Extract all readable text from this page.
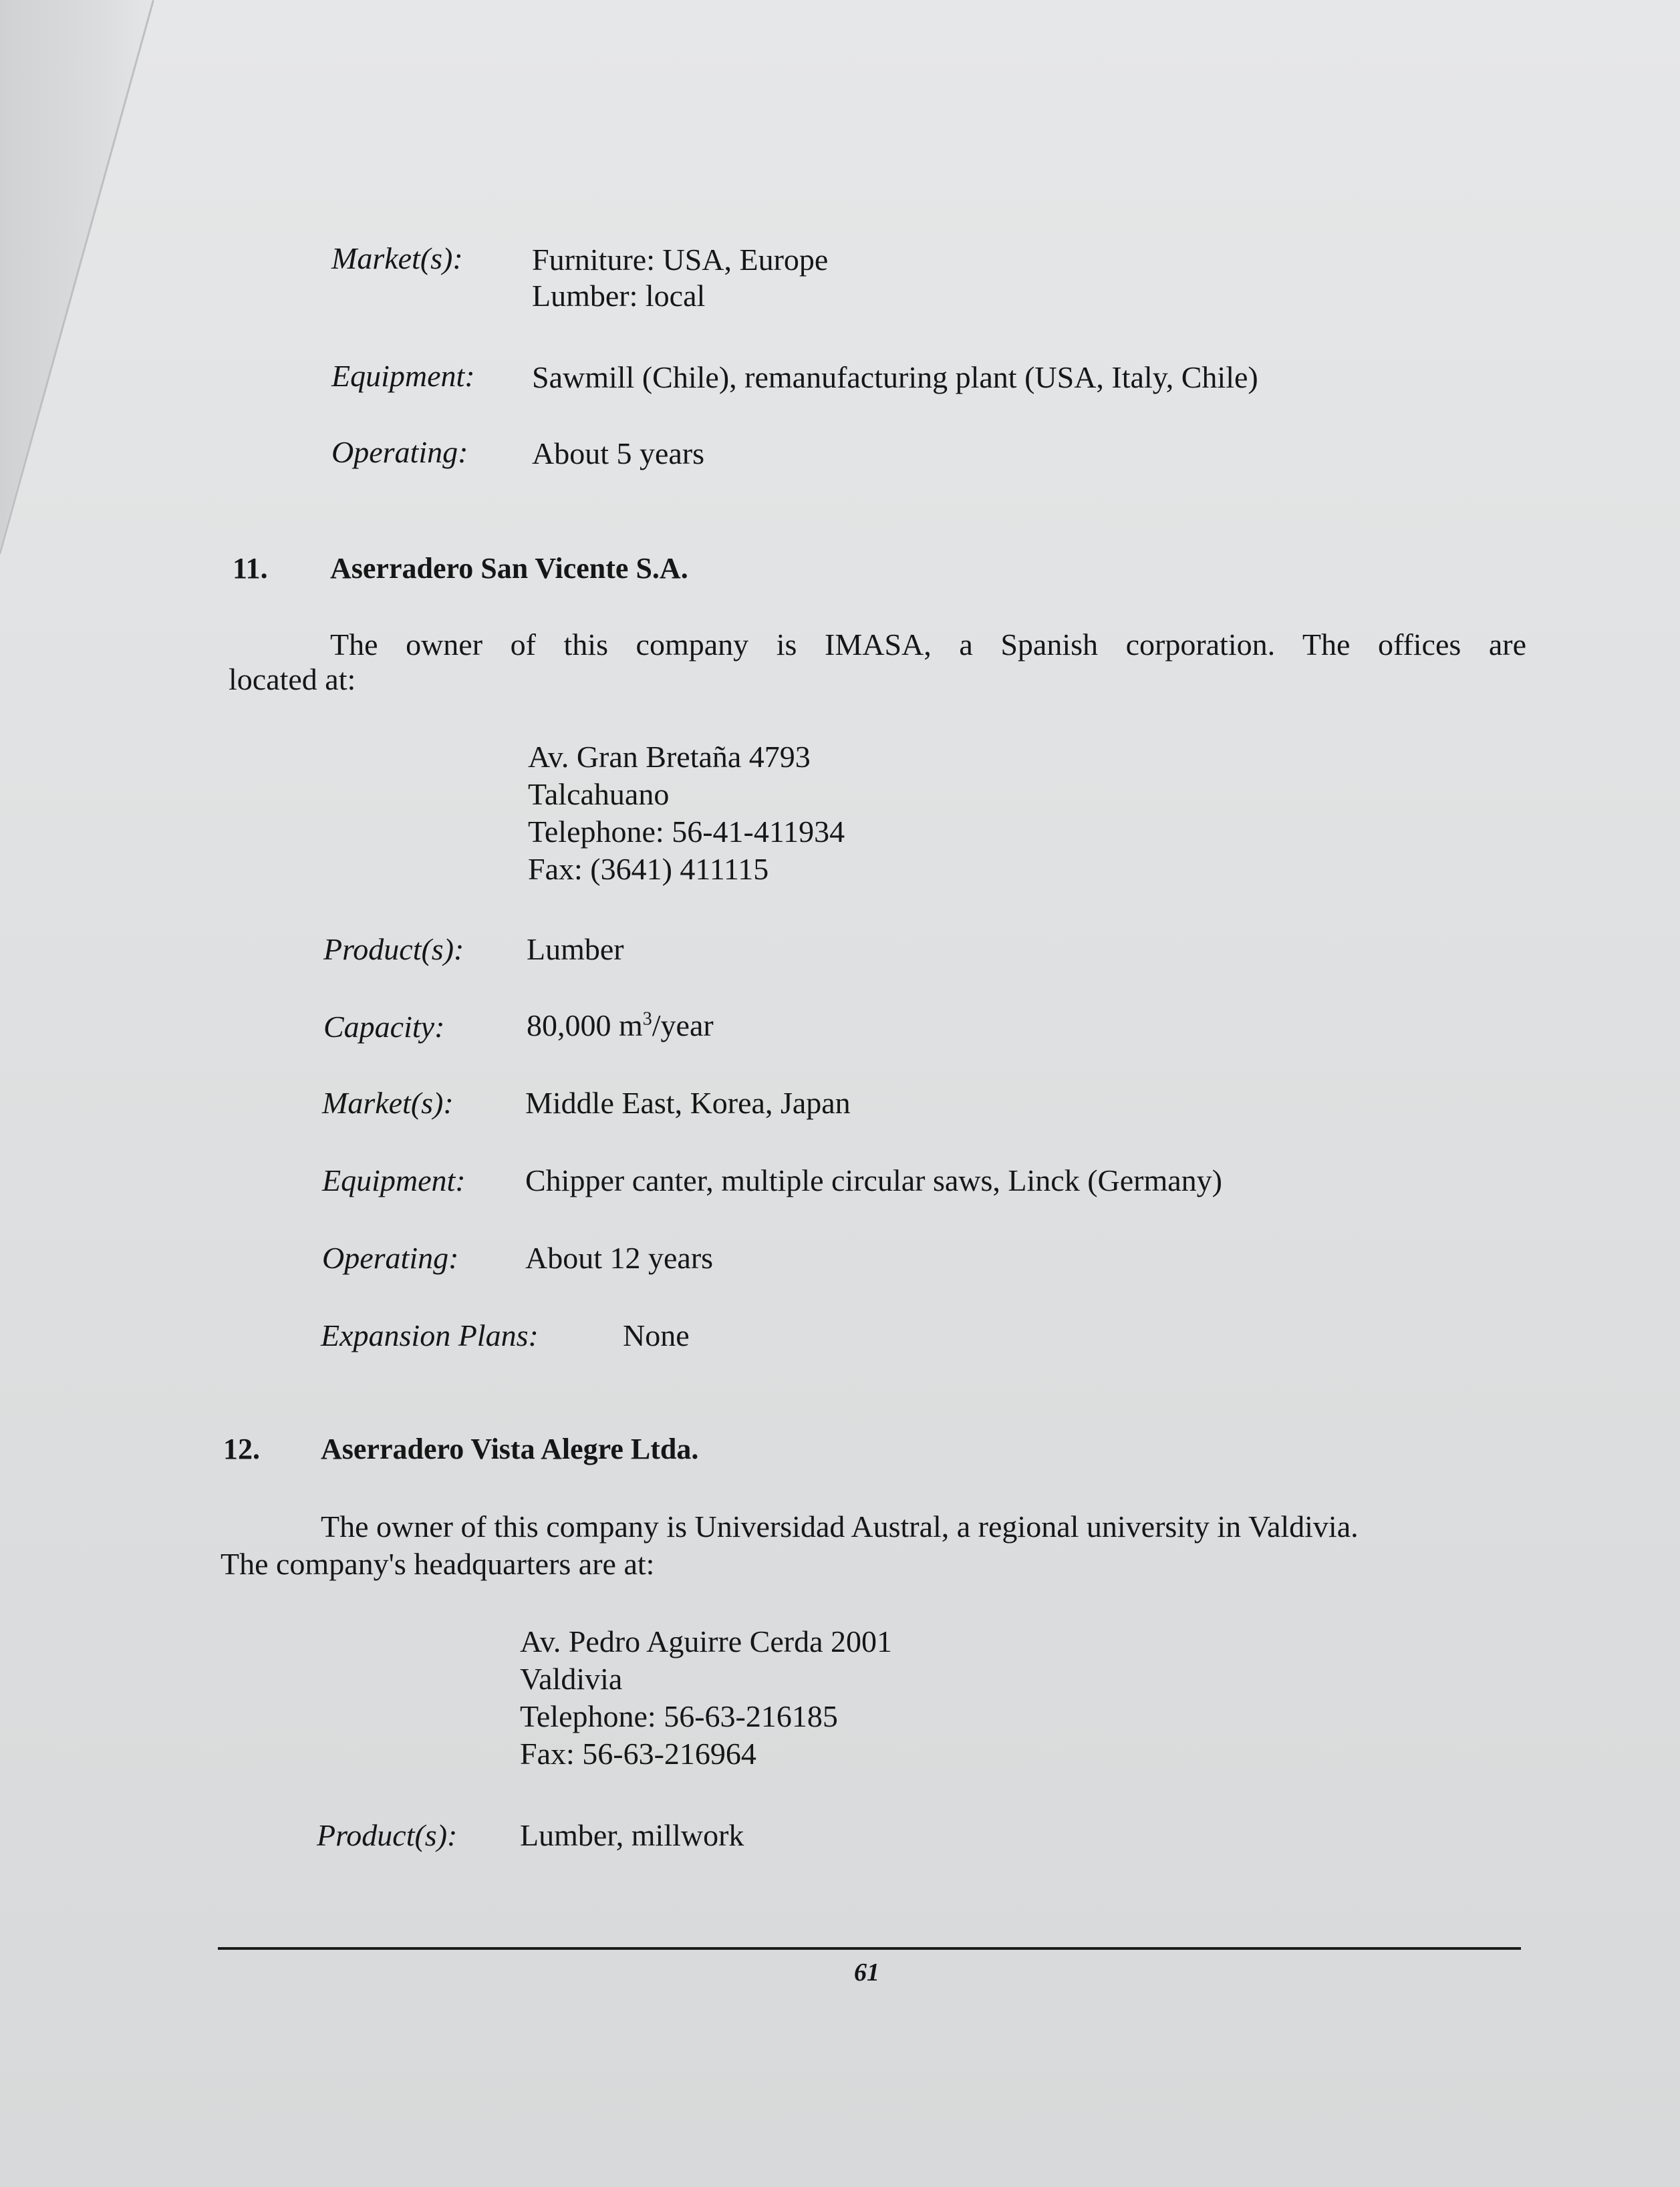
Market(s): Furniture: USA, Europe
Lumber: local
Equipment: Sawmill (Chile), remanufacturing plant (USA, Italy, Chile)
Operating: About 5 years
11. Aserradero San Vicente S.A.
The owner of this company is IMASA, a Spanish corporation. The offices are
located at:
Av. Gran Bretaña 4793
Talcahuano
Telephone: 56-41-411934
Fax: (3641) 411115
Product(s): Lumber
Capacity:	80,000 $m^3$/year
Market(s): Middle East, Korea, Japan
Equipment: Chipper canter, multiple circular saws, Linck (Germany)
Operating: About 12 years
Expansion Plans:	None
12. Aserradero Vista Alegre Ltda.
The owner of this company is Universidad Austral, a regional university in Valdivia.
The company's headquarters are at:
Av. Pedro Aguirre Cerda 2001
Valdivia
Telephone: 56-63-216185
Fax: 56-63-216964
Product(s): Lumber, millwork
61
